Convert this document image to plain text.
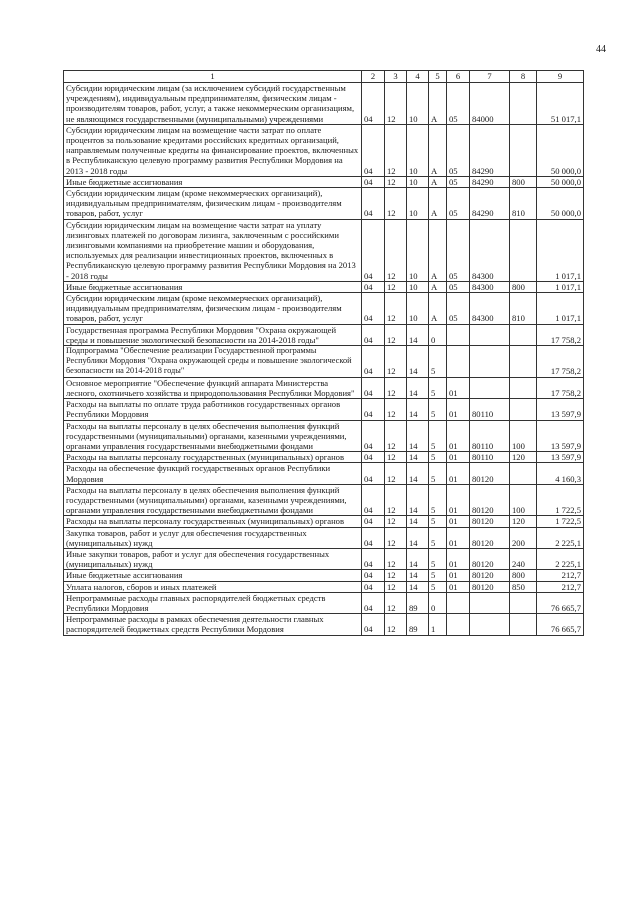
44
1	2	3	4	5	6	7	8	9
Субсидии юридическим лицам (за исключением субсидий государственным учреждениям), индивидуальным предпринимателям, физическим лицам - производителям товаров, работ, услуг, а также некоммерческим организациям, не являющимся государственными (муниципальными) учреждениями	04	12	10	А	05	84000		51 017,1
Субсидии юридическим лицам на возмещение части затрат по оплате процентов за пользование кредитами российских кредитных организаций, направляемым полученные кредиты на финансирование проектов, включенных в Республиканскую целевую программу развития Республики Мордовия на 2013 - 2018 годы	04	12	10	А	05	84290		50 000,0
Иные бюджетные ассигнования	04	12	10	А	05	84290	800	50 000,0
Субсидии юридическим лицам (кроме некоммерческих организаций), индивидуальным предпринимателям, физическим лицам - производителям товаров, работ, услуг	04	12	10	А	05	84290	810	50 000,0
Субсидии юридическим лицам на возмещение части затрат на уплату лизинговых платежей по договорам лизинга, заключенным с российскими лизинговыми компаниями на приобретение машин и оборудования, используемых для реализации инвестиционных проектов, включенных в Республиканскую целевую программу развития Республики Мордовия на 2013 - 2018 годы	04	12	10	А	05	84300		1 017,1
Иные бюджетные ассигнования	04	12	10	А	05	84300	800	1 017,1
Субсидии юридическим лицам (кроме некоммерческих организаций), индивидуальным предпринимателям, физическим лицам - производителям товаров, работ, услуг	04	12	10	А	05	84300	810	1 017,1
Государственная программа Республики Мордовия "Охрана окружающей среды и повышение экологической безопасности на 2014-2018 годы"	04	12	14	0				17 758,2
Подпрограмма "Обеспечение реализации Государственной программы Республики Мордовия "Охрана окружающей среды и повышение экологической безопасности на 2014-2018 годы"	04	12	14	5				17 758,2
Основное мероприятие "Обеспечение функций аппарата Министерства лесного, охотничьего хозяйства и природопользования Республики Мордовия"	04	12	14	5	01			17 758,2
Расходы на выплаты по оплате труда работников государственных органов Республики Мордовия	04	12	14	5	01	80110		13 597,9
Расходы на выплаты персоналу в целях обеспечения выполнения функций государственными (муниципальными) органами, казенными учреждениями, органами управления государственными внебюджетными фондами	04	12	14	5	01	80110	100	13 597,9
Расходы на выплаты персоналу государственных (муниципальных) органов	04	12	14	5	01	80110	120	13 597,9
Расходы на обеспечение функций государственных органов Республики Мордовия	04	12	14	5	01	80120		4 160,3
Расходы на выплаты персоналу в целях обеспечения выполнения функций государственными (муниципальными) органами, казенными учреждениями, органами управления государственными внебюджетными фондами	04	12	14	5	01	80120	100	1 722,5
Расходы на выплаты персоналу государственных (муниципальных) органов	04	12	14	5	01	80120	120	1 722,5
Закупка товаров, работ и услуг для обеспечения государственных (муниципальных) нужд	04	12	14	5	01	80120	200	2 225,1
Иные закупки товаров, работ и услуг для обеспечения государственных (муниципальных) нужд	04	12	14	5	01	80120	240	2 225,1
Иные бюджетные ассигнования	04	12	14	5	01	80120	800	212,7
Уплата налогов, сборов и иных платежей	04	12	14	5	01	80120	850	212,7
Непрограммные расходы главных распорядителей бюджетных средств Республики Мордовия	04	12	89	0				76 665,7
Непрограммные расходы в рамках обеспечения деятельности главных распорядителей бюджетных средств Республики Мордовия	04	12	89	1				76 665,7
